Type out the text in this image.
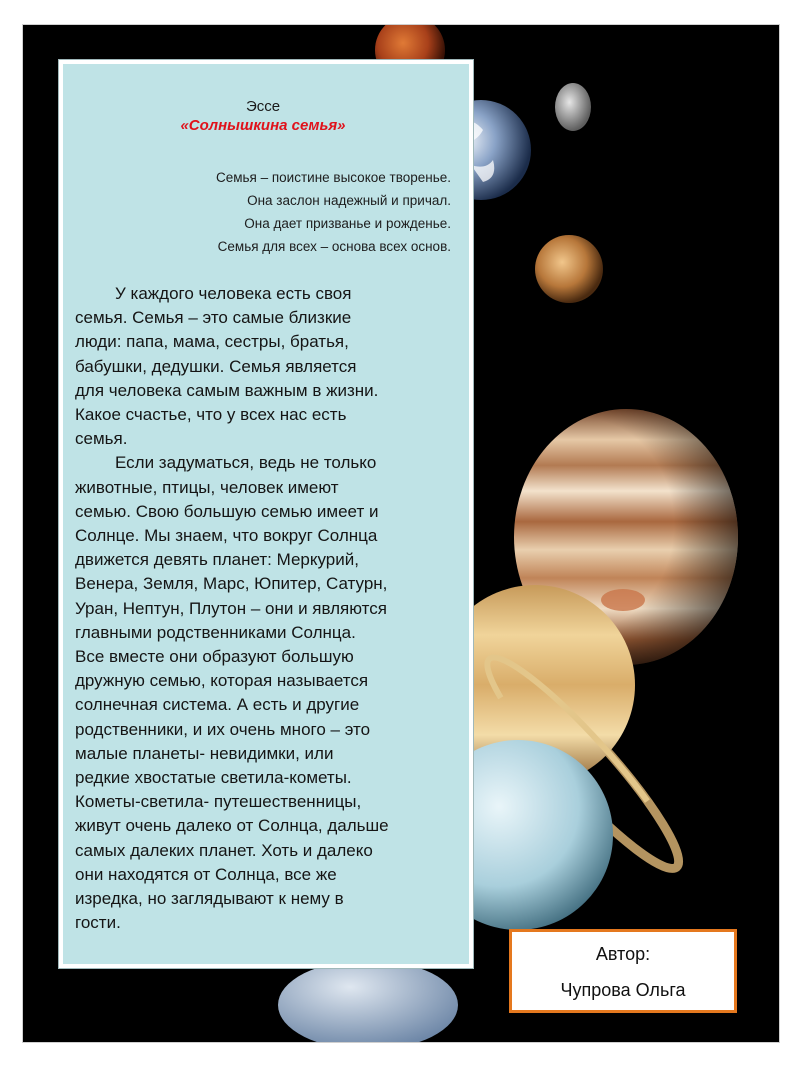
Эссе
«Солнышкина семья»
Семья – поистине высокое творенье.
Она заслон надежный и причал.
Она дает призванье и рожденье.
Семья для всех – основа всех основ.
У каждого человека есть своя
семья. Семья – это самые близкие
люди: папа, мама, сестры, братья,
бабушки, дедушки. Семья является
для человека самым важным в жизни.
Какое счастье, что у всех нас есть
семья.
Если задуматься, ведь не только
животные, птицы, человек имеют
семью. Свою большую семью имеет и
Солнце. Мы знаем, что вокруг Солнца
движется девять планет: Меркурий,
Венера, Земля, Марс, Юпитер, Сатурн,
Уран, Нептун, Плутон – они и являются
главными родственниками Солнца.
Все вместе они образуют большую
дружную семью, которая называется
солнечная система. А есть и другие
родственники, и их очень много – это
малые планеты- невидимки, или
редкие хвостатые светила-кометы.
Кометы-светила- путешественницы,
живут очень далеко от Солнца, дальше
самых далеких планет. Хоть и далеко
они находятся от Солнца, все же
изредка, но заглядывают к нему в
гости.
Автор:
Чупрова Ольга
